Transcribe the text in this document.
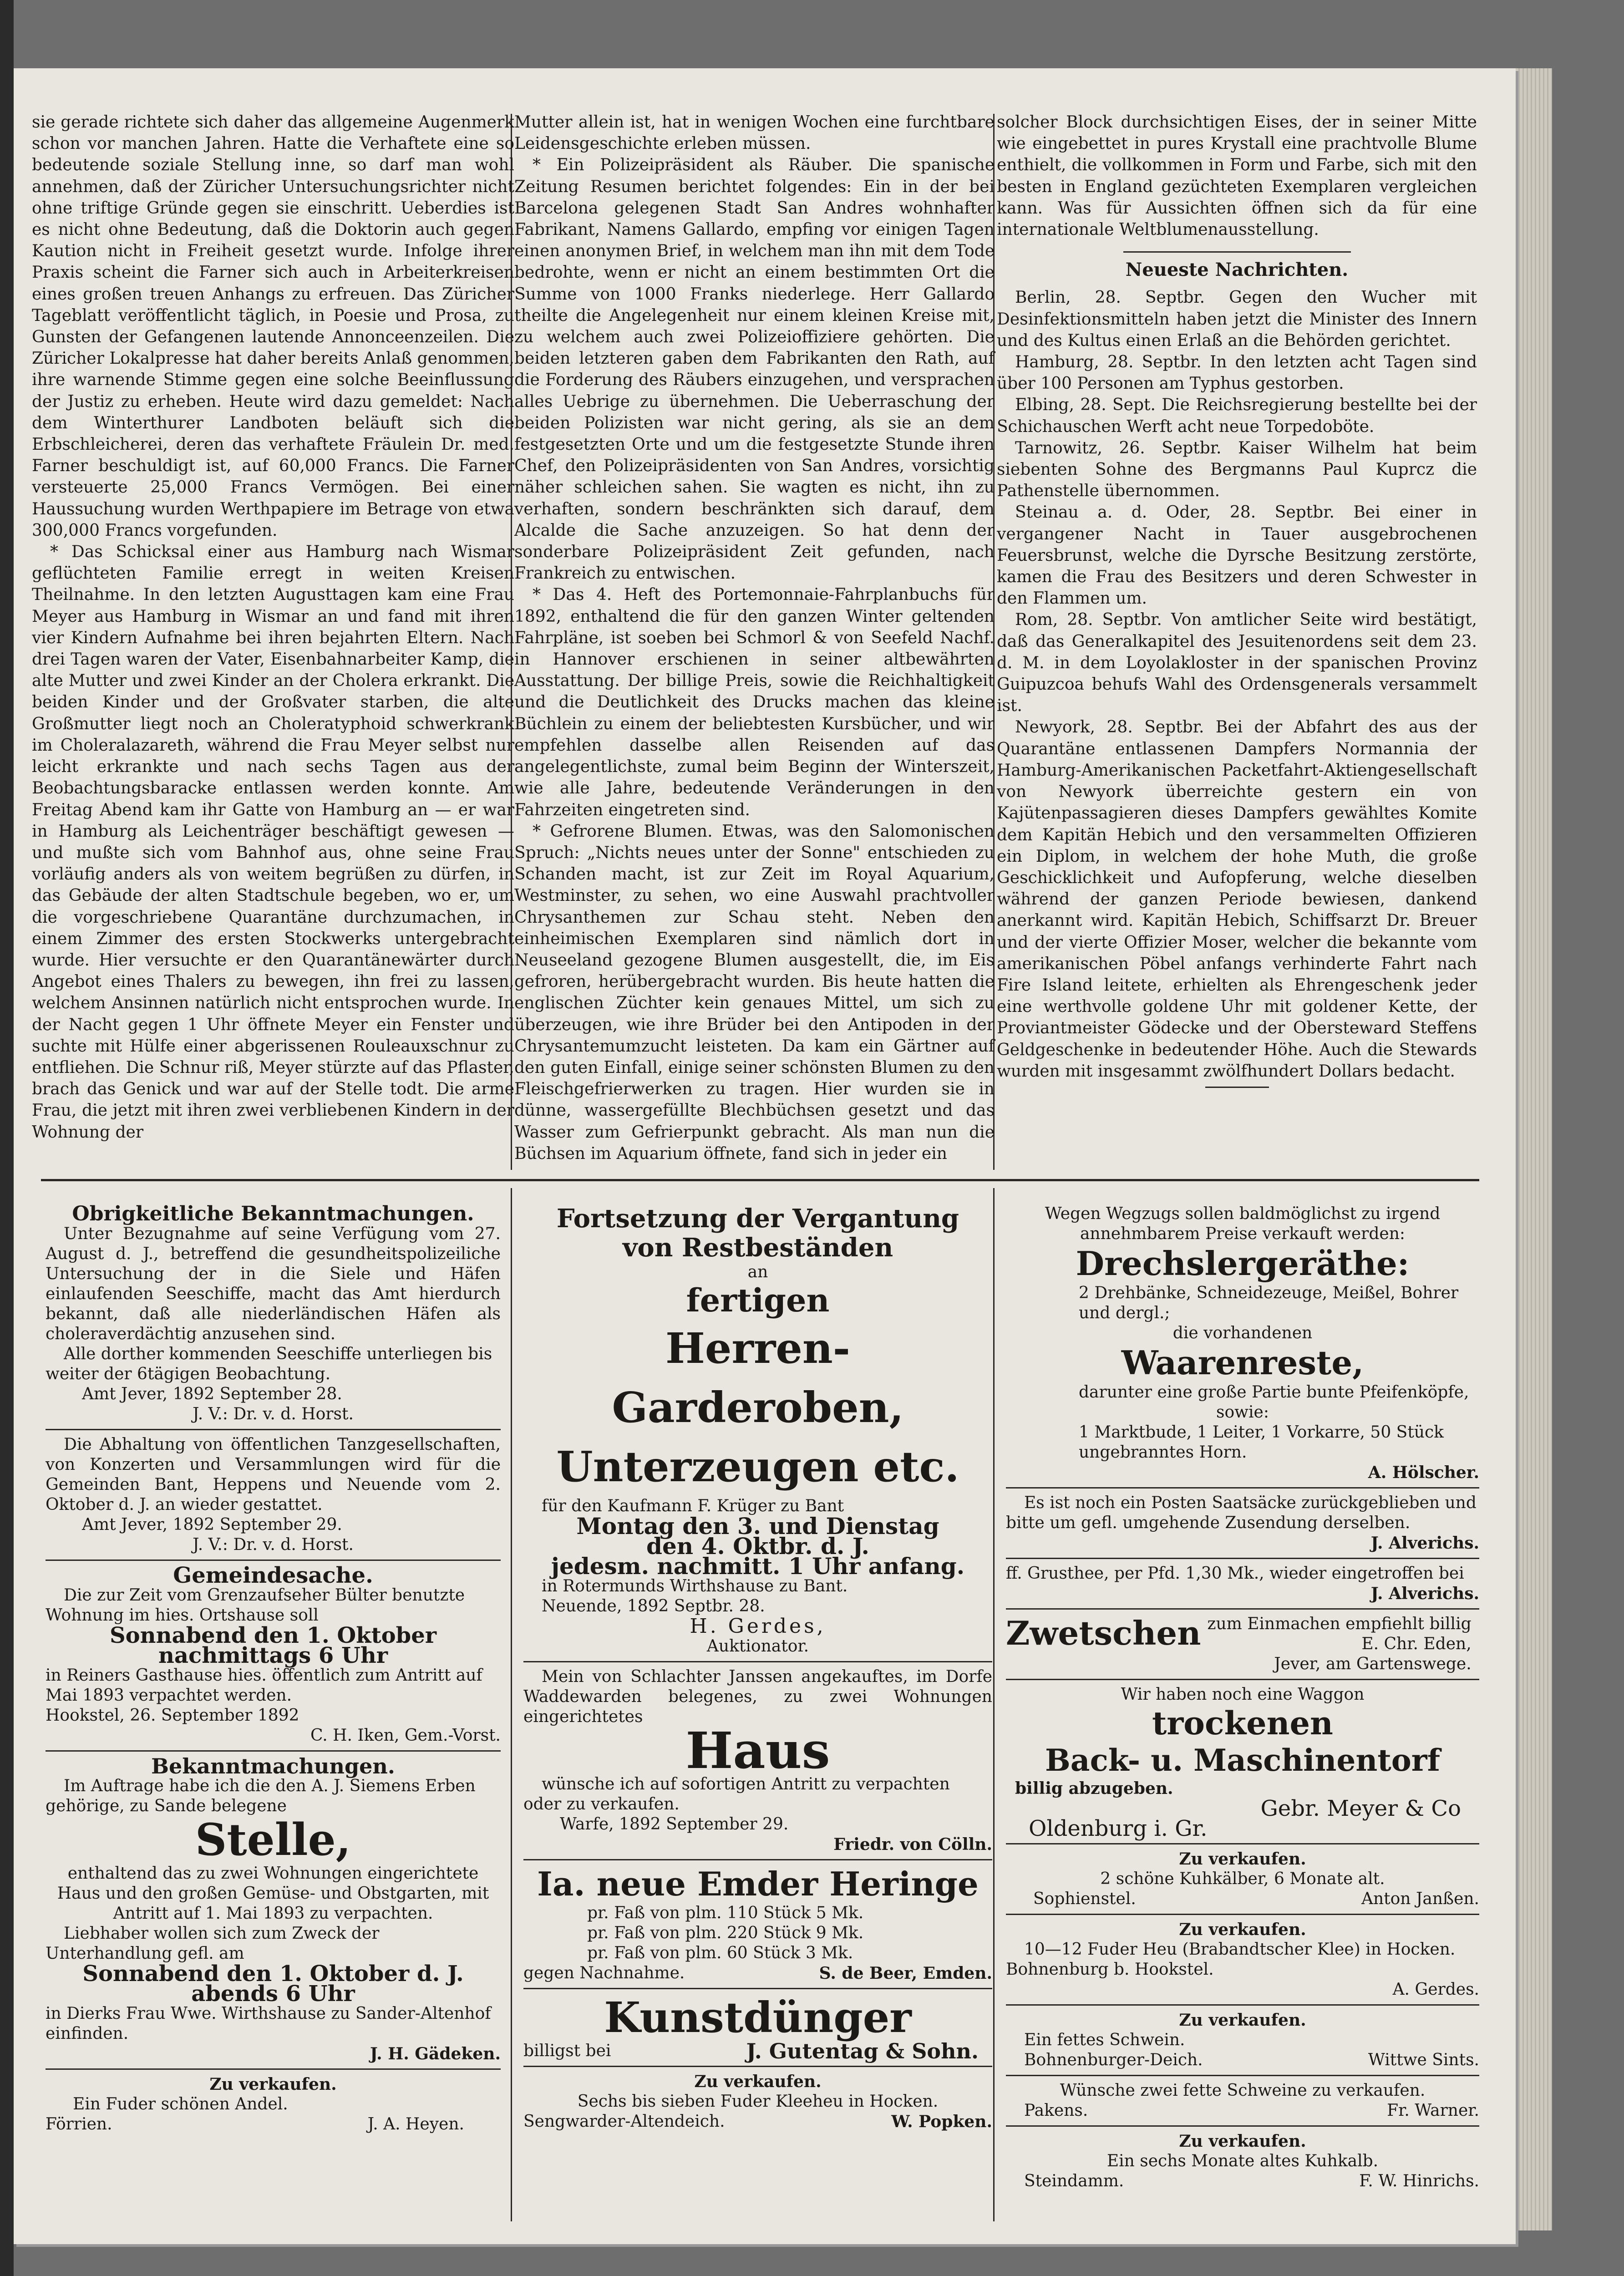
sie gerade richtete sich daher das allgemeine Augenmerk schon vor manchen Jahren. Hatte die Verhaftete eine so bedeutende soziale Stellung inne, so darf man wohl annehmen, daß der Züricher Untersuchungsrichter nicht ohne triftige Gründe gegen sie einschritt. Ueberdies ist es nicht ohne Bedeutung, daß die Doktorin auch gegen Kaution nicht in Freiheit gesetzt wurde. Infolge ihrer Praxis scheint die Farner sich auch in Arbeiterkreisen eines großen treuen Anhangs zu erfreuen. Das Züricher Tageblatt veröffentlicht täglich, in Poesie und Prosa, zu Gunsten der Gefangenen lautende Annonceenzeilen. Die Züricher Lokalpresse hat daher bereits Anlaß genommen, ihre warnende Stimme gegen eine solche Beeinflussung der Justiz zu erheben. Heute wird dazu gemeldet: Nach dem Winterthurer Landboten beläuft sich die Erbschleicherei, deren das verhaftete Fräulein Dr. med. Farner beschuldigt ist, auf 60,000 Francs. Die Farner versteuerte 25,000 Francs Vermögen. Bei einer Haussuchung wurden Werthpapiere im Betrage von etwa 300,000 Francs vorgefunden.

* Das Schicksal einer aus Hamburg nach Wismar geflüchteten Familie erregt in weiten Kreisen Theilnahme. In den letzten Augusttagen kam eine Frau Meyer aus Hamburg in Wismar an und fand mit ihren vier Kindern Aufnahme bei ihren bejahrten Eltern. Nach drei Tagen waren der Vater, Eisenbahnarbeiter Kamp, die alte Mutter und zwei Kinder an der Cholera erkrankt. Die beiden Kinder und der Großvater starben, die alte Großmutter liegt noch an Choleratyphoid schwerkrank im Choleralazareth, während die Frau Meyer selbst nur leicht erkrankte und nach sechs Tagen aus der Beobachtungsbaracke entlassen werden konnte. Am Freitag Abend kam ihr Gatte von Hamburg an — er war in Hamburg als Leichenträger beschäftigt gewesen — und mußte sich vom Bahnhof aus, ohne seine Frau vorläufig anders als von weitem begrüßen zu dürfen, in das Gebäude der alten Stadtschule begeben, wo er, um die vorgeschriebene Quarantäne durchzumachen, in einem Zimmer des ersten Stockwerks untergebracht wurde. Hier versuchte er den Quarantänewärter durch Angebot eines Thalers zu bewegen, ihn frei zu lassen, welchem Ansinnen natürlich nicht entsprochen wurde. In der Nacht gegen 1 Uhr öffnete Meyer ein Fenster und suchte mit Hülfe einer abgerissenen Rouleauxschnur zu entfliehen. Die Schnur riß, Meyer stürzte auf das Pflaster, brach das Genick und war auf der Stelle todt. Die arme Frau, die jetzt mit ihren zwei verbliebenen Kindern in der Wohnung der

Mutter allein ist, hat in wenigen Wochen eine furchtbare Leidensgeschichte erleben müssen.

* Ein Polizeipräsident als Räuber. Die spanische Zeitung Resumen berichtet folgendes: Ein in der bei Barcelona gelegenen Stadt San Andres wohnhafter Fabrikant, Namens Gallardo, empfing vor einigen Tagen einen anonymen Brief, in welchem man ihn mit dem Tode bedrohte, wenn er nicht an einem bestimmten Ort die Summe von 1000 Franks niederlege. Herr Gallardo theilte die Angelegenheit nur einem kleinen Kreise mit, zu welchem auch zwei Polizeioffiziere gehörten. Die beiden letzteren gaben dem Fabrikanten den Rath, auf die Forderung des Räubers einzugehen, und versprachen alles Uebrige zu übernehmen. Die Ueberraschung der beiden Polizisten war nicht gering, als sie an dem festgesetzten Orte und um die festgesetzte Stunde ihren Chef, den Polizeipräsidenten von San Andres, vorsichtig näher schleichen sahen. Sie wagten es nicht, ihn zu verhaften, sondern beschränkten sich darauf, dem Alcalde die Sache anzuzeigen. So hat denn der sonderbare Polizeipräsident Zeit gefunden, nach Frankreich zu entwischen.

* Das 4. Heft des Portemonnaie-Fahrplanbuchs für 1892, enthaltend die für den ganzen Winter geltenden Fahrpläne, ist soeben bei Schmorl & von Seefeld Nachf. in Hannover erschienen in seiner altbewährten Ausstattung. Der billige Preis, sowie die Reichhaltigkeit und die Deutlichkeit des Drucks machen das kleine Büchlein zu einem der beliebtesten Kursbücher, und wir empfehlen dasselbe allen Reisenden auf das angelegentlichste, zumal beim Beginn der Winterszeit, wie alle Jahre, bedeutende Veränderungen in den Fahrzeiten eingetreten sind.

* Gefrorene Blumen. Etwas, was den Salomonischen Spruch: „Nichts neues unter der Sonne" entschieden zu Schanden macht, ist zur Zeit im Royal Aquarium, Westminster, zu sehen, wo eine Auswahl prachtvoller Chrysanthemen zur Schau steht. Neben den einheimischen Exemplaren sind nämlich dort in Neuseeland gezogene Blumen ausgestellt, die, im Eis gefroren, herübergebracht wurden. Bis heute hatten die englischen Züchter kein genaues Mittel, um sich zu überzeugen, wie ihre Brüder bei den Antipoden in der Chrysantemumzucht leisteten. Da kam ein Gärtner auf den guten Einfall, einige seiner schönsten Blumen zu den Fleischgefrierwerken zu tragen. Hier wurden sie in dünne, wassergefüllte Blechbüchsen gesetzt und das Wasser zum Gefrierpunkt gebracht. Als man nun die Büchsen im Aquarium öffnete, fand sich in jeder ein

solcher Block durchsichtigen Eises, der in seiner Mitte wie eingebettet in pures Krystall eine prachtvolle Blume enthielt, die vollkommen in Form und Farbe, sich mit den besten in England gezüchteten Exemplaren vergleichen kann. Was für Aussichten öffnen sich da für eine internationale Weltblumenausstellung.

Neueste Nachrichten.

Berlin, 28. Septbr. Gegen den Wucher mit Desinfektionsmitteln haben jetzt die Minister des Innern und des Kultus einen Erlaß an die Behörden gerichtet.

Hamburg, 28. Septbr. In den letzten acht Tagen sind über 100 Personen am Typhus gestorben.

Elbing, 28. Sept. Die Reichsregierung bestellte bei der Schichauschen Werft acht neue Torpedoböte.

Tarnowitz, 26. Septbr. Kaiser Wilhelm hat beim siebenten Sohne des Bergmanns Paul Kuprcz die Pathenstelle übernommen.

Steinau a. d. Oder, 28. Septbr. Bei einer in vergangener Nacht in Tauer ausgebrochenen Feuersbrunst, welche die Dyrsche Besitzung zerstörte, kamen die Frau des Besitzers und deren Schwester in den Flammen um.

Rom, 28. Septbr. Von amtlicher Seite wird bestätigt, daß das Generalkapitel des Jesuitenordens seit dem 23. d. M. in dem Loyolakloster in der spanischen Provinz Guipuzcoa behufs Wahl des Ordensgenerals versammelt ist.

Newyork, 28. Septbr. Bei der Abfahrt des aus der Quarantäne entlassenen Dampfers Normannia der Hamburg-Amerikanischen Packetfahrt-Aktiengesellschaft von Newyork überreichte gestern ein von Kajütenpassagieren dieses Dampfers gewähltes Komite dem Kapitän Hebich und den versammelten Offizieren ein Diplom, in welchem der hohe Muth, die große Geschicklichkeit und Aufopferung, welche dieselben während der ganzen Periode bewiesen, dankend anerkannt wird. Kapitän Hebich, Schiffsarzt Dr. Breuer und der vierte Offizier Moser, welcher die bekannte vom amerikanischen Pöbel anfangs verhinderte Fahrt nach Fire Island leitete, erhielten als Ehrengeschenk jeder eine werthvolle goldene Uhr mit goldener Kette, der Proviantmeister Gödecke und der Obersteward Steffens Geldgeschenke in bedeutender Höhe. Auch die Stewards wurden mit insgesammt zwölfhundert Dollars bedacht.

Obrigkeitliche Bekanntmachungen.
Unter Bezugnahme auf seine Verfügung vom 27. August d. J., betreffend die gesundheitspolizeiliche Untersuchung der in die Siele und Häfen einlaufenden Seeschiffe, macht das Amt hierdurch bekannt, daß alle niederländischen Häfen als choleraverdächtig anzusehen sind.
Alle dorther kommenden Seeschiffe unterliegen bis weiter der 6tägigen Beobachtung.
Amt Jever, 1892 September 28.
J. V.: Dr. v. d. Horst.
Die Abhaltung von öffentlichen Tanzgesellschaften, von Konzerten und Versammlungen wird für die Gemeinden Bant, Heppens und Neuende vom 2. Oktober d. J. an wieder gestattet.
Amt Jever, 1892 September 29.
J. V.: Dr. v. d. Horst.
Gemeindesache.
Die zur Zeit vom Grenzaufseher Bülter benutzte Wohnung im hies. Ortshause soll
Sonnabend den 1. Oktober
nachmittags 6 Uhr
in Reiners Gasthause hies. öffentlich zum Antritt auf Mai 1893 verpachtet werden.
Hookstel, 26. September 1892
C. H. Iken, Gem.-Vorst.
Bekanntmachungen.
Im Auftrage habe ich die den A. J. Siemens Erben gehörige, zu Sande belegene
Stelle,
enthaltend das zu zwei Wohnungen eingerichtete Haus und den großen Gemüse- und Obstgarten, mit Antritt auf 1. Mai 1893 zu verpachten.
Liebhaber wollen sich zum Zweck der Unterhandlung gefl. am
Sonnabend den 1. Oktober d. J.
abends 6 Uhr
in Dierks Frau Wwe. Wirthshause zu Sander-Altenhof einfinden.
J. H. Gädeken.
Zu verkaufen.
Ein Fuder schönen Andel.
Förrien.	J. A. Heyen.
Fortsetzung der Vergantung
von Restbeständen
an
fertigen
Herren-Garderoben,
Unterzeugen etc.
für den Kaufmann F. Krüger zu Bant
Montag den 3. und Dienstag
den 4. Oktbr. d. J.
jedesm. nachmitt. 1 Uhr anfang.
in Rotermunds Wirthshause zu Bant.
Neuende, 1892 Septbr. 28.
H. Gerdes,
Auktionator.
Mein von Schlachter Janssen angekauftes, im Dorfe Waddewarden belegenes, zu zwei Wohnungen eingerichtetes
Haus
wünsche ich auf sofortigen Antritt zu verpachten oder zu verkaufen.
Warfe, 1892 September 29.
Friedr. von Cölln.
Ia. neue Emder Heringe
pr. Faß von plm. 110 Stück 5 Mk.
pr. Faß von plm. 220 Stück 9 Mk.
pr. Faß von plm. 60 Stück 3 Mk.
gegen Nachnahme.	S. de Beer, Emden.
Kunstdünger
billigst bei	J. Gutentag & Sohn.
Zu verkaufen.
Sechs bis sieben Fuder Kleeheu in Hocken.
Sengwarder-Altendeich.	W. Popken.
Wegen Wegzugs sollen baldmöglichst zu irgend annehmbarem Preise verkauft werden:
Drechslergeräthe:
2 Drehbänke, Schneidezeuge, Meißel, Bohrer und dergl.;
die vorhandenen
Waarenreste,
darunter eine große Partie bunte Pfeifenköpfe,
sowie:
1 Marktbude, 1 Leiter, 1 Vorkarre, 50 Stück ungebranntes Horn.
A. Hölscher.
Es ist noch ein Posten Saatsäcke zurückgeblieben und bitte um gefl. umgehende Zusendung derselben.
J. Alverichs.
ff. Grusthee, per Pfd. 1,30 Mk., wieder eingetroffen bei
J. Alverichs.
Zwetschen zum Einmachen empfiehlt billig
E. Chr. Eden,
Jever, am Gartenswege.
Wir haben noch eine Waggon
trockenen
Back- u. Maschinentorf
billig abzugeben.
Gebr. Meyer & Co
Oldenburg i. Gr.
Zu verkaufen.
2 schöne Kuhkälber, 6 Monate alt.
Sophienstel.	Anton Janßen.
Zu verkaufen.
10—12 Fuder Heu (Brabandtscher Klee) in Hocken.
Bohnenburg b. Hookstel.
A. Gerdes.
Zu verkaufen.
Ein fettes Schwein.
Bohnenburger-Deich.	Wittwe Sints.
Wünsche zwei fette Schweine zu verkaufen.
Pakens.	Fr. Warner.
Zu verkaufen.
Ein sechs Monate altes Kuhkalb.
Steindamm.	F. W. Hinrichs.
